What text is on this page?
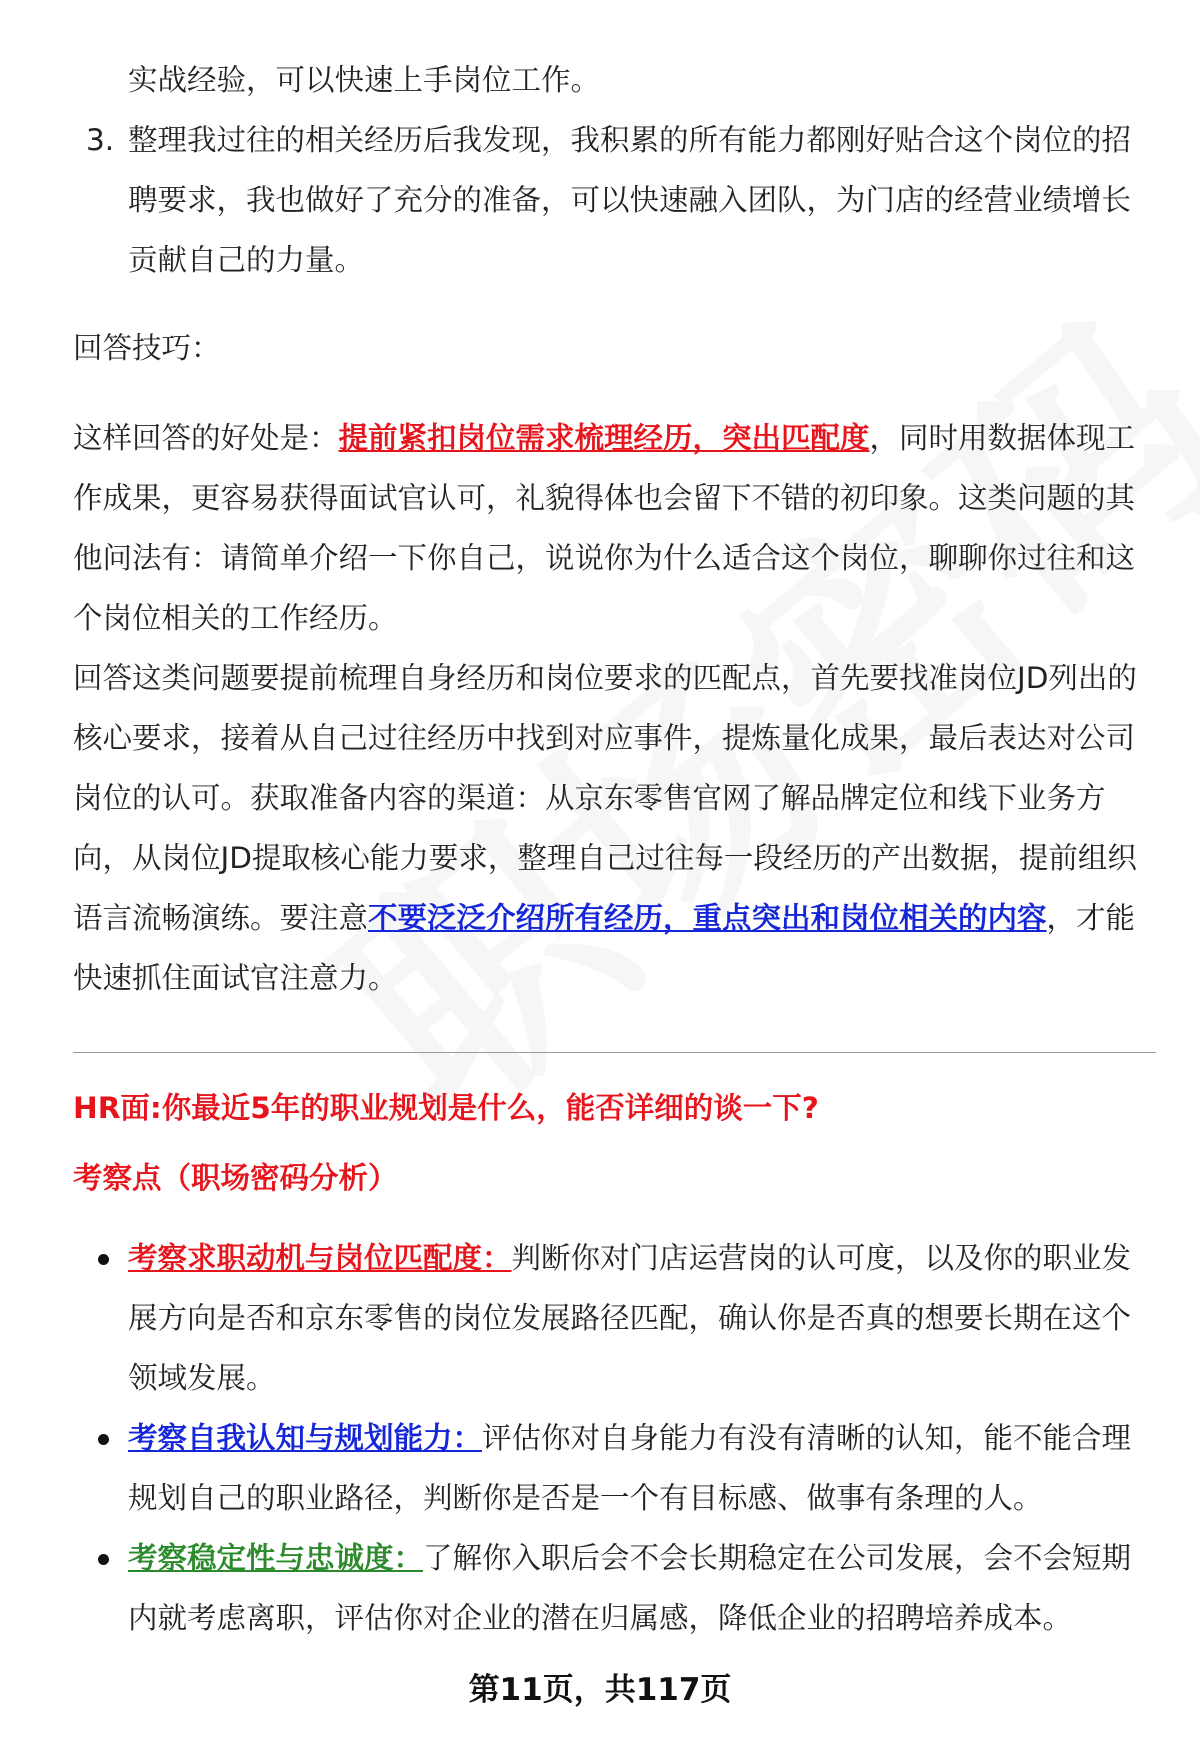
实战经验，可以快速上手岗位工作。

3. 整理我过往的相关经历后我发现，我积累的所有能力都刚好贴合这个岗位的招

聘要求，我也做好了充分的准备，可以快速融入团队，为门店的经营业绩增长

贡献自己的力量。

回答技巧：

这样回答的好处是：提前紧扣岗位需求梳理经历，突出匹配度，同时用数据体现工

作成果，更容易获得面试官认可，礼貌得体也会留下不错的初印象。这类问题的其

他问法有：请简单介绍一下你自己，说说你为什么适合这个岗位，聊聊你过往和这

个岗位相关的工作经历。

回答这类问题要提前梳理自身经历和岗位要求的匹配点，首先要找准岗位JD列出的

核心要求，接着从自己过往经历中找到对应事件，提炼量化成果，最后表达对公司

岗位的认可。获取准备内容的渠道：从京东零售官网了解品牌定位和线下业务方

向，从岗位JD提取核心能力要求，整理自己过往每一段经历的产出数据，提前组织

语言流畅演练。要注意不要泛泛介绍所有经历，重点突出和岗位相关的内容，才能

快速抓住面试官注意力。

HR面:你最近5年的职业规划是什么，能否详细的谈一下?

考察点（职场密码分析）

考察求职动机与岗位匹配度：判断你对门店运营岗的认可度，以及你的职业发

展方向是否和京东零售的岗位发展路径匹配，确认你是否真的想要长期在这个

领域发展。

考察自我认知与规划能力：评估你对自身能力有没有清晰的认知，能不能合理

规划自己的职业路径，判断你是否是一个有目标感、做事有条理的人。

考察稳定性与忠诚度：了解你入职后会不会长期稳定在公司发展，会不会短期

内就考虑离职，评估你对企业的潜在归属感，降低企业的招聘培养成本。

第11页，共117页
